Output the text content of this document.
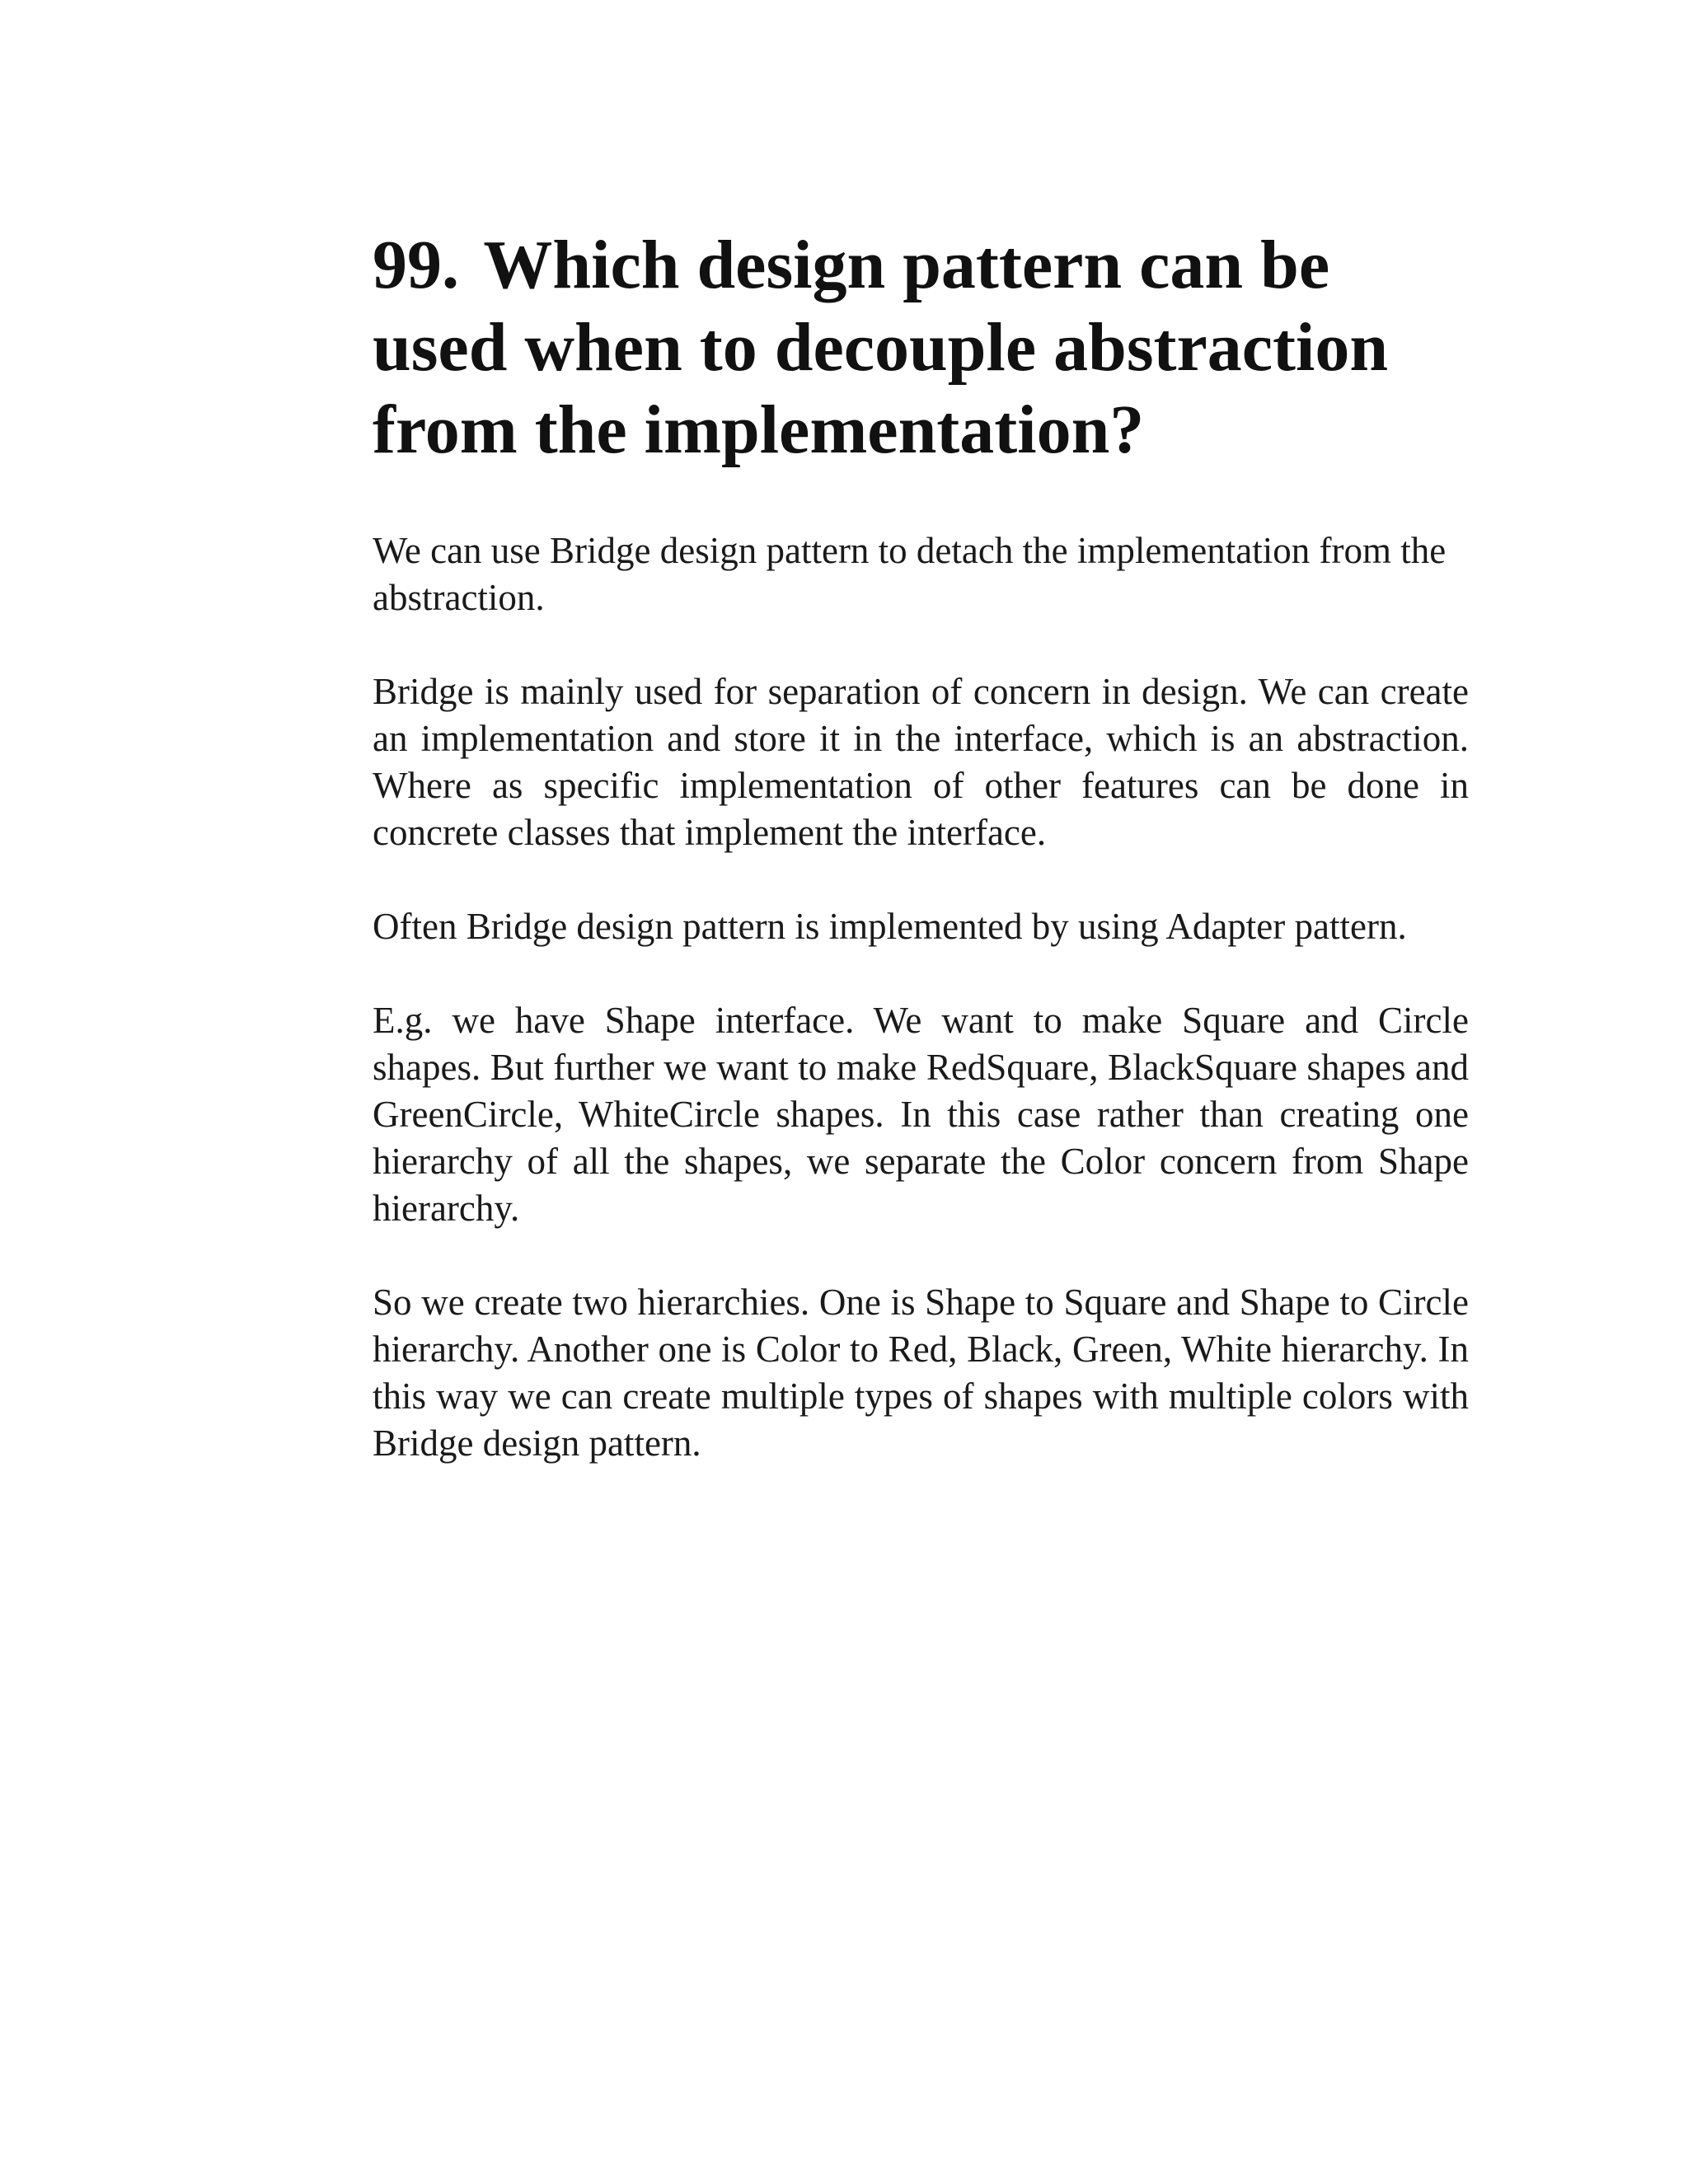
99. Which design pattern can be used when to decouple abstraction from the implementation?

We can use Bridge design pattern to detach the implementation from the abstraction.

Bridge is mainly used for separation of concern in design. We can create an implementation and store it in the interface, which is an abstraction. Where as specific implementation of other features can be done in concrete classes that implement the interface.

Often Bridge design pattern is implemented by using Adapter pattern.

E.g. we have Shape interface. We want to make Square and Circle shapes. But further we want to make RedSquare, BlackSquare shapes and GreenCircle, WhiteCircle shapes. In this case rather than creating one hierarchy of all the shapes, we separate the Color concern from Shape hierarchy.

So we create two hierarchies. One is Shape to Square and Shape to Circle hierarchy. Another one is Color to Red, Black, Green, White hierarchy. In this way we can create multiple types of shapes with multiple colors with Bridge design pattern.
